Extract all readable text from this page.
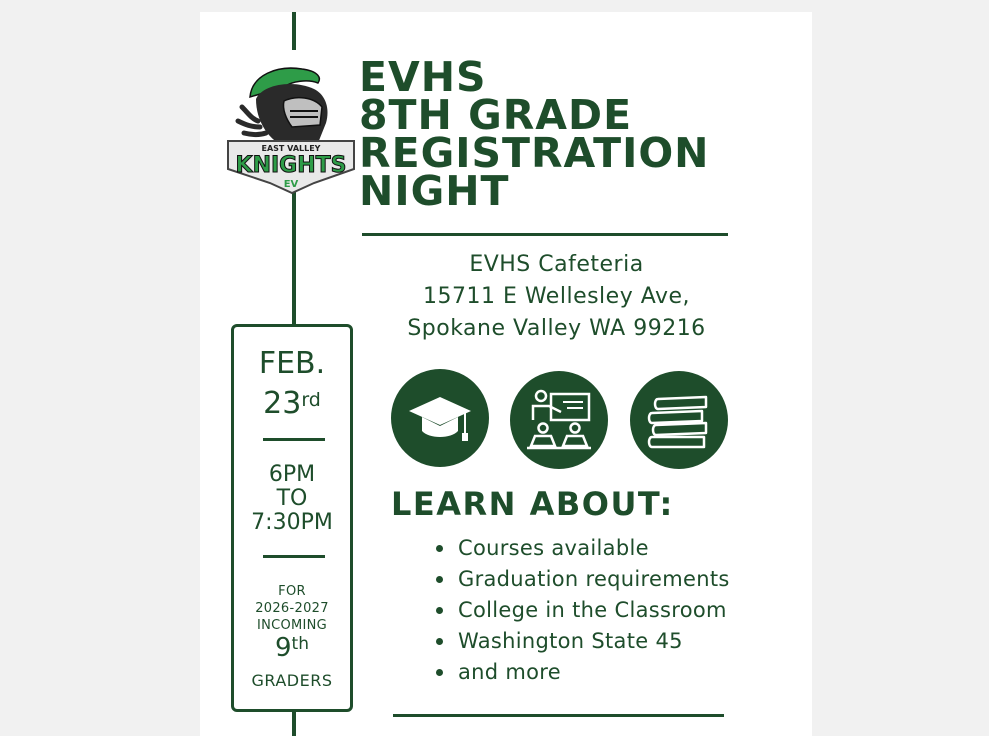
EAST VALLEY
KNIGHTS
EV
EVHS
8TH GRADE
REGISTRATION
NIGHT
EVHS Cafeteria
15711 E Wellesley Ave,
Spokane Valley WA 99216
FEB.
23rd
6PM
TO
7:30PM
FOR
2026-2027
INCOMING
9th
GRADERS
LEARN ABOUT:
Courses available
Graduation requirements
College in the Classroom
Washington State 45
and more
